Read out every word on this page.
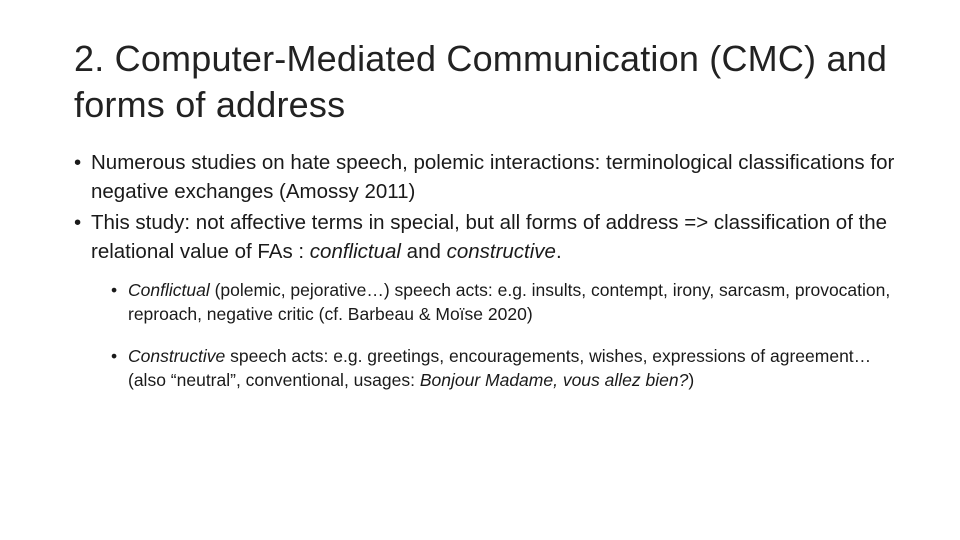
2. Computer-Mediated Communication (CMC) and forms of address

• Numerous studies on hate speech, polemic interactions: terminological classifications for negative exchanges (Amossy 2011)

• This study: not affective terms in special, but all forms of address => classification of the relational value of FAs : conflictual and constructive.

• Conflictual (polemic, pejorative…) speech acts: e.g. insults, contempt, irony, sarcasm, provocation, reproach, negative critic (cf. Barbeau & Moïse 2020)

• Constructive speech acts: e.g. greetings, encouragements, wishes, expressions of agreement… (also “neutral”, conventional, usages: Bonjour Madame, vous allez bien?)
